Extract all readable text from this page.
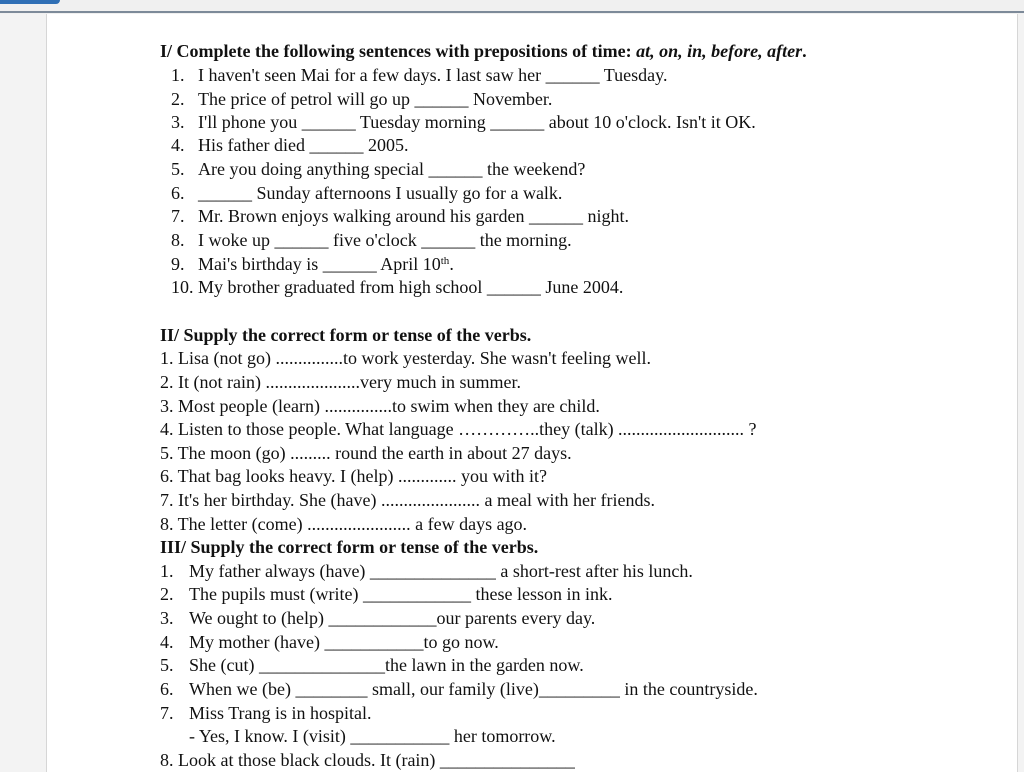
I/ Complete the following sentences with prepositions of time: at, on, in, before, after.

1. I haven't seen Mai for a few days. I last saw her ______ Tuesday.

2. The price of petrol will go up ______ November.

3. I'll phone you ______ Tuesday morning ______ about 10 o'clock. Isn't it OK.

4. His father died ______ 2005.

5. Are you doing anything special ______ the weekend?

6. ______ Sunday afternoons I usually go for a walk.

7. Mr. Brown enjoys walking around his garden ______ night.

8. I woke up ______ five o'clock ______ the morning.

9. Mai's birthday is ______ April 10th.

10. My brother graduated from high school ______ June 2004.

II/ Supply the correct form or tense of the verbs.

1. Lisa (not go) ...............to work yesterday. She wasn't feeling well.

2. It (not rain) .....................very much in summer.

3. Most people (learn) ...............to swim when they are child.

4. Listen to those people. What language …………..they (talk) ............................ ?

5. The moon (go) ......... round the earth in about 27 days.

6. That bag looks heavy. I (help) ............. you with it?

7. It's her birthday. She (have) ...................... a meal with her friends.

8. The letter (come) ....................... a few days ago.

III/ Supply the correct form or tense of the verbs.

1. My father always (have) ______________ a short-rest after his lunch.

2. The pupils must (write) ____________ these lesson in ink.

3. We ought to (help) ____________our parents every day.

4. My mother (have) ___________to go now.

5. She (cut) ______________the lawn in the garden now.

6. When we (be) ________ small, our family (live)_________ in the countryside.

7. Miss Trang is in hospital.

- Yes, I know. I (visit) ___________ her tomorrow.

8. Look at those black clouds. It (rain) _______________
